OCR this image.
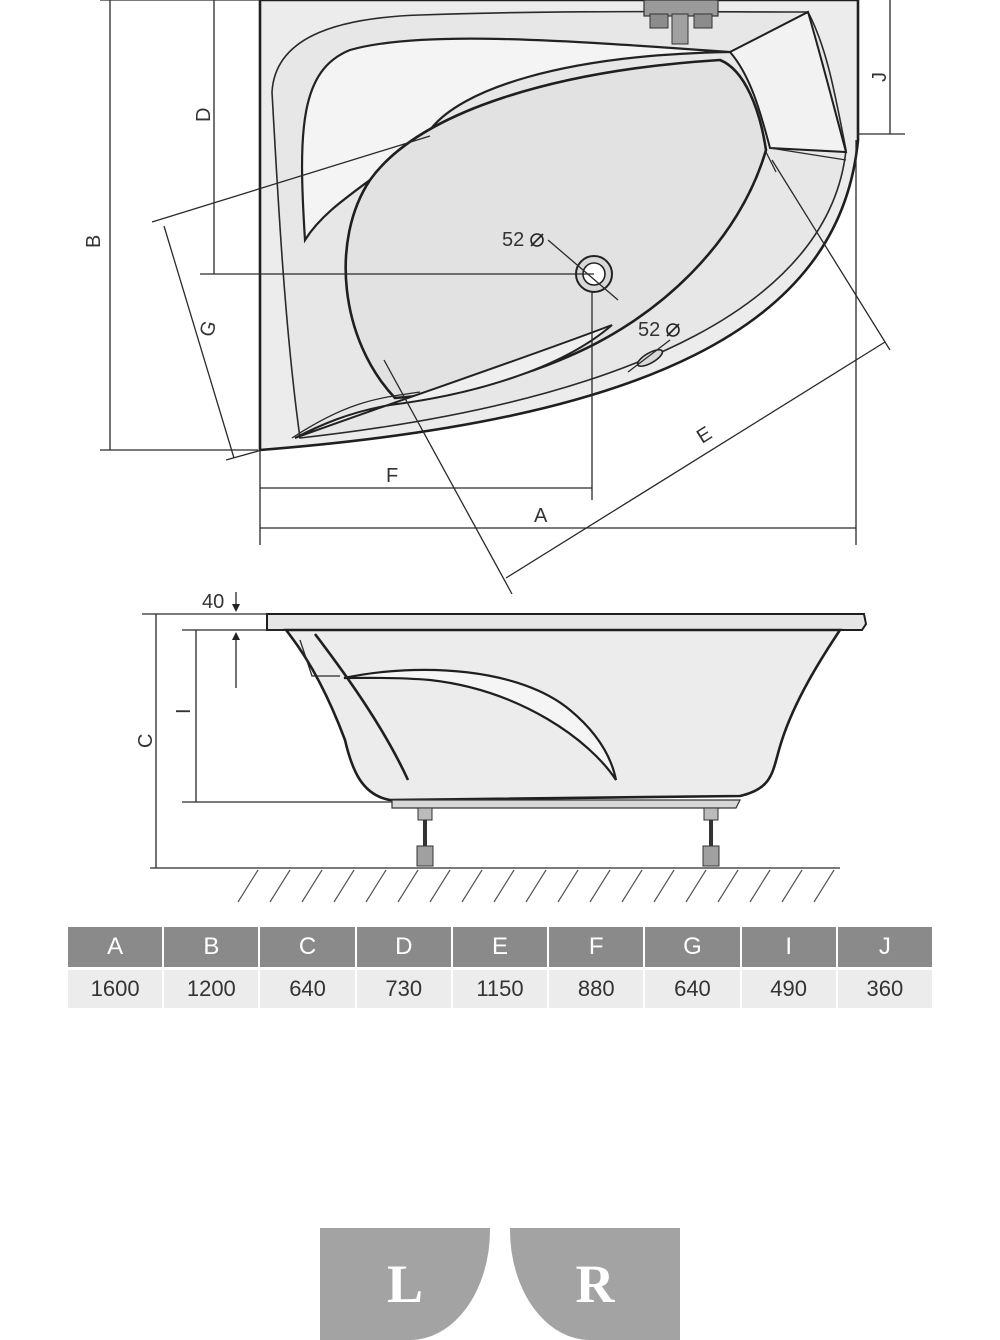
52
52
B
D
J
G
F
A
E
C
I
40
A	B	C	D	E	F	G	I	J
1600	1200	640	730	1150	880	640	490	360
L	R
